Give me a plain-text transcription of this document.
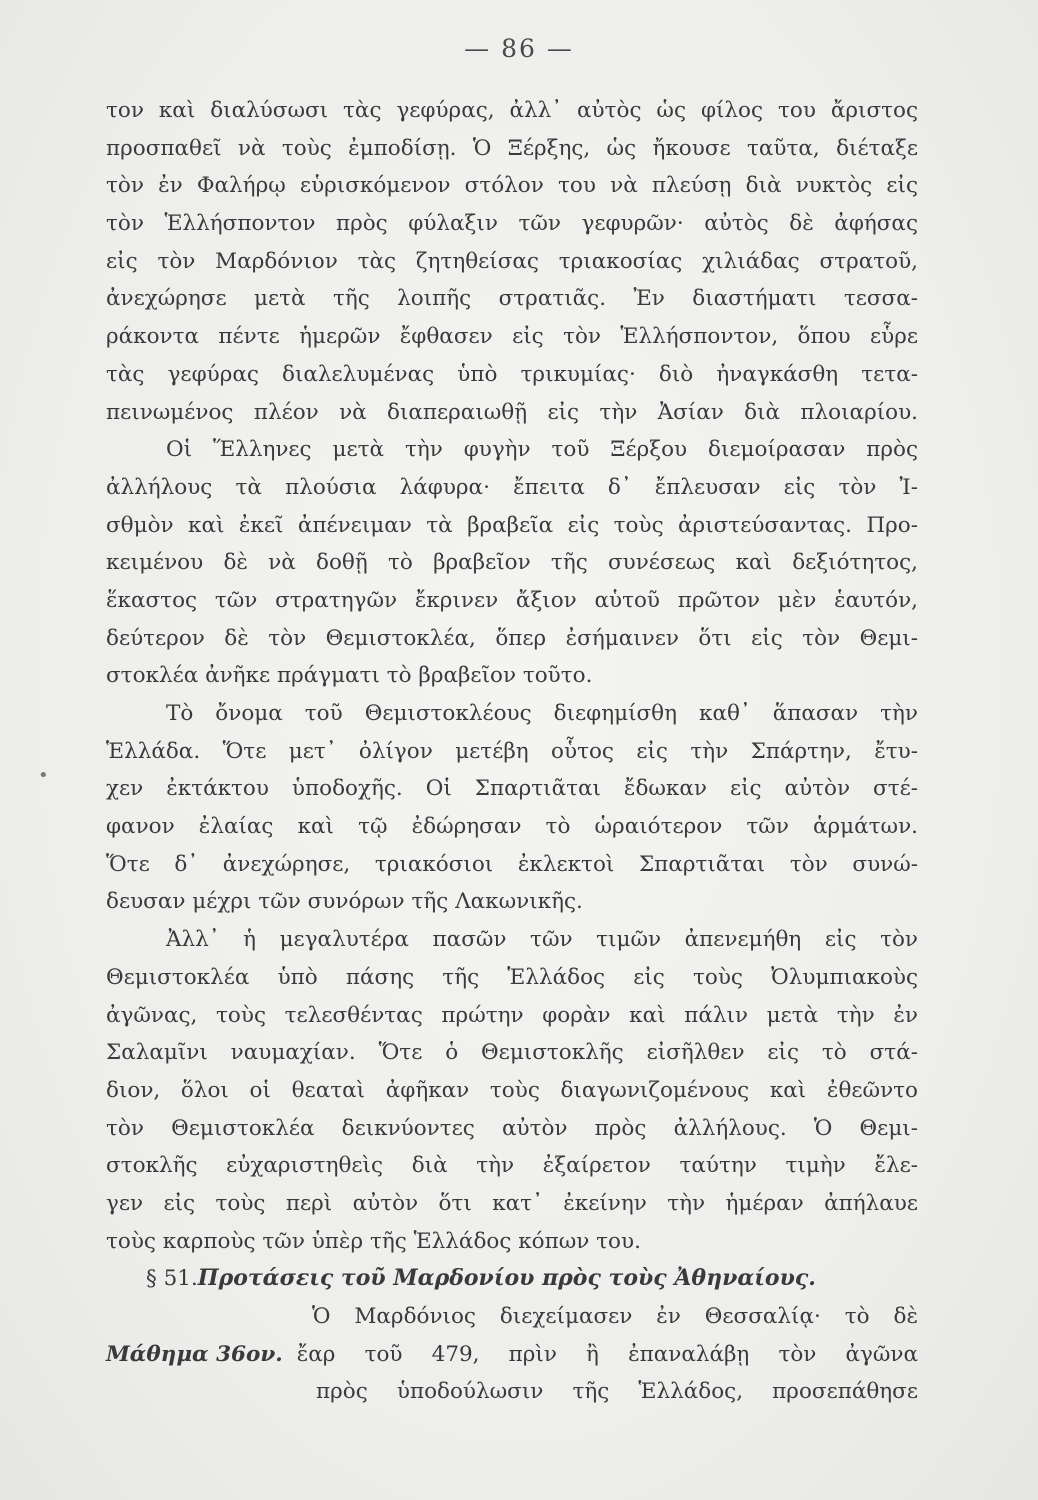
— 86 —
•
τον καὶ διαλύσωσι τὰς γεφύρας, ἀλλ᾽ αὐτὸς ὡς φίλος του ἄριστος
προσπαθεῖ νὰ τοὺς ἐμποδίσῃ. Ὁ Ξέρξης, ὡς ἤκουσε ταῦτα, διέταξε
τὸν ἐν Φαλήρῳ εὑρισκόμενον στόλον του νὰ πλεύσῃ διὰ νυκτὸς εἰς
τὸν Ἑλλήσποντον πρὸς φύλαξιν τῶν γεφυρῶν· αὐτὸς δὲ ἀφήσας
εἰς τὸν Μαρδόνιον τὰς ζητηθείσας τριακοσίας χιλιάδας στρατοῦ,
ἀνεχώρησε μετὰ τῆς λοιπῆς στρατιᾶς. Ἐν διαστήματι τεσσα-
ράκοντα πέντε ἡμερῶν ἔφθασεν εἰς τὸν Ἑλλήσποντον, ὅπου εὗρε
τὰς γεφύρας διαλελυμένας ὑπὸ τρικυμίας· διὸ ἠναγκάσθη τετα-
πεινωμένος πλέον νὰ διαπεραιωθῇ εἰς τὴν Ἀσίαν διὰ πλοιαρίου.
Οἱ Ἕλληνες μετὰ τὴν φυγὴν τοῦ Ξέρξου διεμοίρασαν πρὸς
ἀλλήλους τὰ πλούσια λάφυρα· ἔπειτα δ᾽ ἔπλευσαν εἰς τὸν Ἰ-
σθμὸν καὶ ἐκεῖ ἀπένειμαν τὰ βραβεῖα εἰς τοὺς ἀριστεύσαντας. Προ-
κειμένου δὲ νὰ δοθῇ τὸ βραβεῖον τῆς συνέσεως καὶ δεξιότητος,
ἕκαστος τῶν στρατηγῶν ἔκρινεν ἄξιον αὑτοῦ πρῶτον μὲν ἑαυτόν,
δεύτερον δὲ τὸν Θεμιστοκλέα, ὅπερ ἐσήμαινεν ὅτι εἰς τὸν Θεμι-
στοκλέα ἀνῆκε πράγματι τὸ βραβεῖον τοῦτο.
Τὸ ὄνομα τοῦ Θεμιστοκλέους διεφημίσθη καθ᾽ ἅπασαν τὴν
Ἑλλάδα. Ὅτε μετ᾽ ὀλίγον μετέβη οὗτος εἰς τὴν Σπάρτην, ἔτυ-
χεν ἐκτάκτου ὑποδοχῆς. Οἱ Σπαρτιᾶται ἔδωκαν εἰς αὐτὸν στέ-
φανον ἐλαίας καὶ τῷ ἐδώρησαν τὸ ὡραιότερον τῶν ἁρμάτων.
Ὅτε δ᾽ ἀνεχώρησε, τριακόσιοι ἐκλεκτοὶ Σπαρτιᾶται τὸν συνώ-
δευσαν μέχρι τῶν συνόρων τῆς Λακωνικῆς.
Ἀλλ᾽ ἡ μεγαλυτέρα πασῶν τῶν τιμῶν ἀπενεμήθη εἰς τὸν
Θεμιστοκλέα ὑπὸ πάσης τῆς Ἑλλάδος εἰς τοὺς Ὀλυμπιακοὺς
ἀγῶνας, τοὺς τελεσθέντας πρώτην φορὰν καὶ πάλιν μετὰ τὴν ἐν
Σαλαμῖνι ναυμαχίαν. Ὅτε ὁ Θεμιστοκλῆς εἰσῆλθεν εἰς τὸ στά-
διον, ὅλοι οἱ θεαταὶ ἀφῆκαν τοὺς διαγωνιζομένους καὶ ἐθεῶντο
τὸν Θεμιστοκλέα δεικνύοντες αὐτὸν πρὸς ἀλλήλους. Ὁ Θεμι-
στοκλῆς εὐχαριστηθεὶς διὰ τὴν ἐξαίρετον ταύτην τιμὴν ἔλε-
γεν εἰς τοὺς περὶ αὐτὸν ὅτι κατ᾽ ἐκείνην τὴν ἡμέραν ἀπήλαυε
τοὺς καρποὺς τῶν ὑπὲρ τῆς Ἑλλάδος κόπων του.
§ 51.Προτάσεις τοῦ Μαρδονίου πρὸς τοὺς Ἀθηναίους.
Ὁ Μαρδόνιος διεχείμασεν ἐν Θεσσαλίᾳ· τὸ δὲ
Μάθημα 36ον. ἔαρ τοῦ 479, πρὶν ἢ ἐπαναλάβῃ τὸν ἀγῶνα
πρὸς ὑποδούλωσιν τῆς Ἑλλάδος, προσεπάθησε
